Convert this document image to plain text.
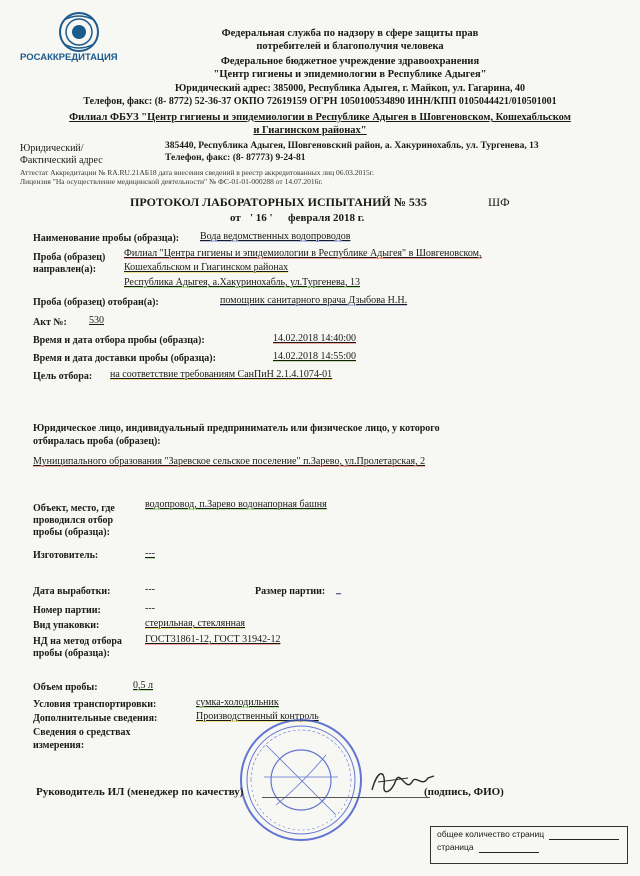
РОСАККРЕДИТАЦИЯ
Федеральная служба по надзору в сфере защиты прав
потребителей и благополучия человека
Федеральное бюджетное учреждение здравоохранения
"Центр гигиены и эпидемиологии в Республике Адыгея"
Юридический адрес: 385000, Республика Адыгея, г. Майкоп, ул. Гагарина, 40
Телефон, факс: (8- 8772) 52-36-37 ОКПО 72619159 ОГРН 1050100534890 ИНН/КПП 0105044421/010501001
Филиал ФБУЗ "Центр гигиены и эпидемиологии в Республике Адыгея в Шовгеновском, Кошехабльском
и Гиагинском районах"
Юридический/
Фактический адрес
385440, Республика Адыгея, Шовгеновский район, а. Хакуринохабль, ул. Тургенева, 13
Телефон, факс: (8- 87773) 9-24-81
Аттестат Аккредитации № RA.RU.21АБ18 дата внесения сведений в реестр аккредитованных лиц 06.03.2015г.
Лицензия "На осуществление медицинской деятельности" № ФС-01-01-000288 от 14.07.2016г.
ПРОТОКОЛ ЛАБОРАТОРНЫХ ИСПЫТАНИЙ № 535	ШФ
от ' 16 ' февраля 2018 г.
Наименование пробы (образца): Вода ведомственных водопроводов
Проба (образец)
направлен(а):
Филиал "Центра гигиены и эпидемиологии в Республике Адыгея" в Шовгеновском,
Кошехабльском и Гиагинском районах
Республика Адыгея, а.Хакуринохабль, ул.Тургенева, 13
Проба (образец) отобран(а):	помощник санитарного врача Дзыбова Н.Н.
Акт №: 530
Время и дата отбора пробы (образца):	14.02.2018 14:40:00
Время и дата доставки пробы (образца):	14.02.2018 14:55:00
Цель отбора: на соответствие требованиям СанПиН 2.1.4.1074-01
Юридическое лицо, индивидуальный предприниматель или физическое лицо, у которого
отбиралась проба (образец):
Муниципального образования "Заревское сельское поселение" п.Зарево, ул.Пролетарская, 2
Объект, место, где
проводился отбор
пробы (образца):
водопровод, п.Зарево водонапорная башня
Изготовитель:	---
Дата выработки:	---	Размер партии: _
Номер партии:	---
Вид упаковки:	стерильная, стеклянная
НД на метод отбора
пробы (образца):
ГОСТ31861-12, ГОСТ 31942-12
Объем пробы:	0,5 л
Условия транспортировки:	сумка-холодильник
Дополнительные сведения:	Производственный контроль
Сведения о средствах
измерения:
Руководитель ИЛ (менеджер по качеству)	(подпись, ФИО)
общее количество страниц
страница
